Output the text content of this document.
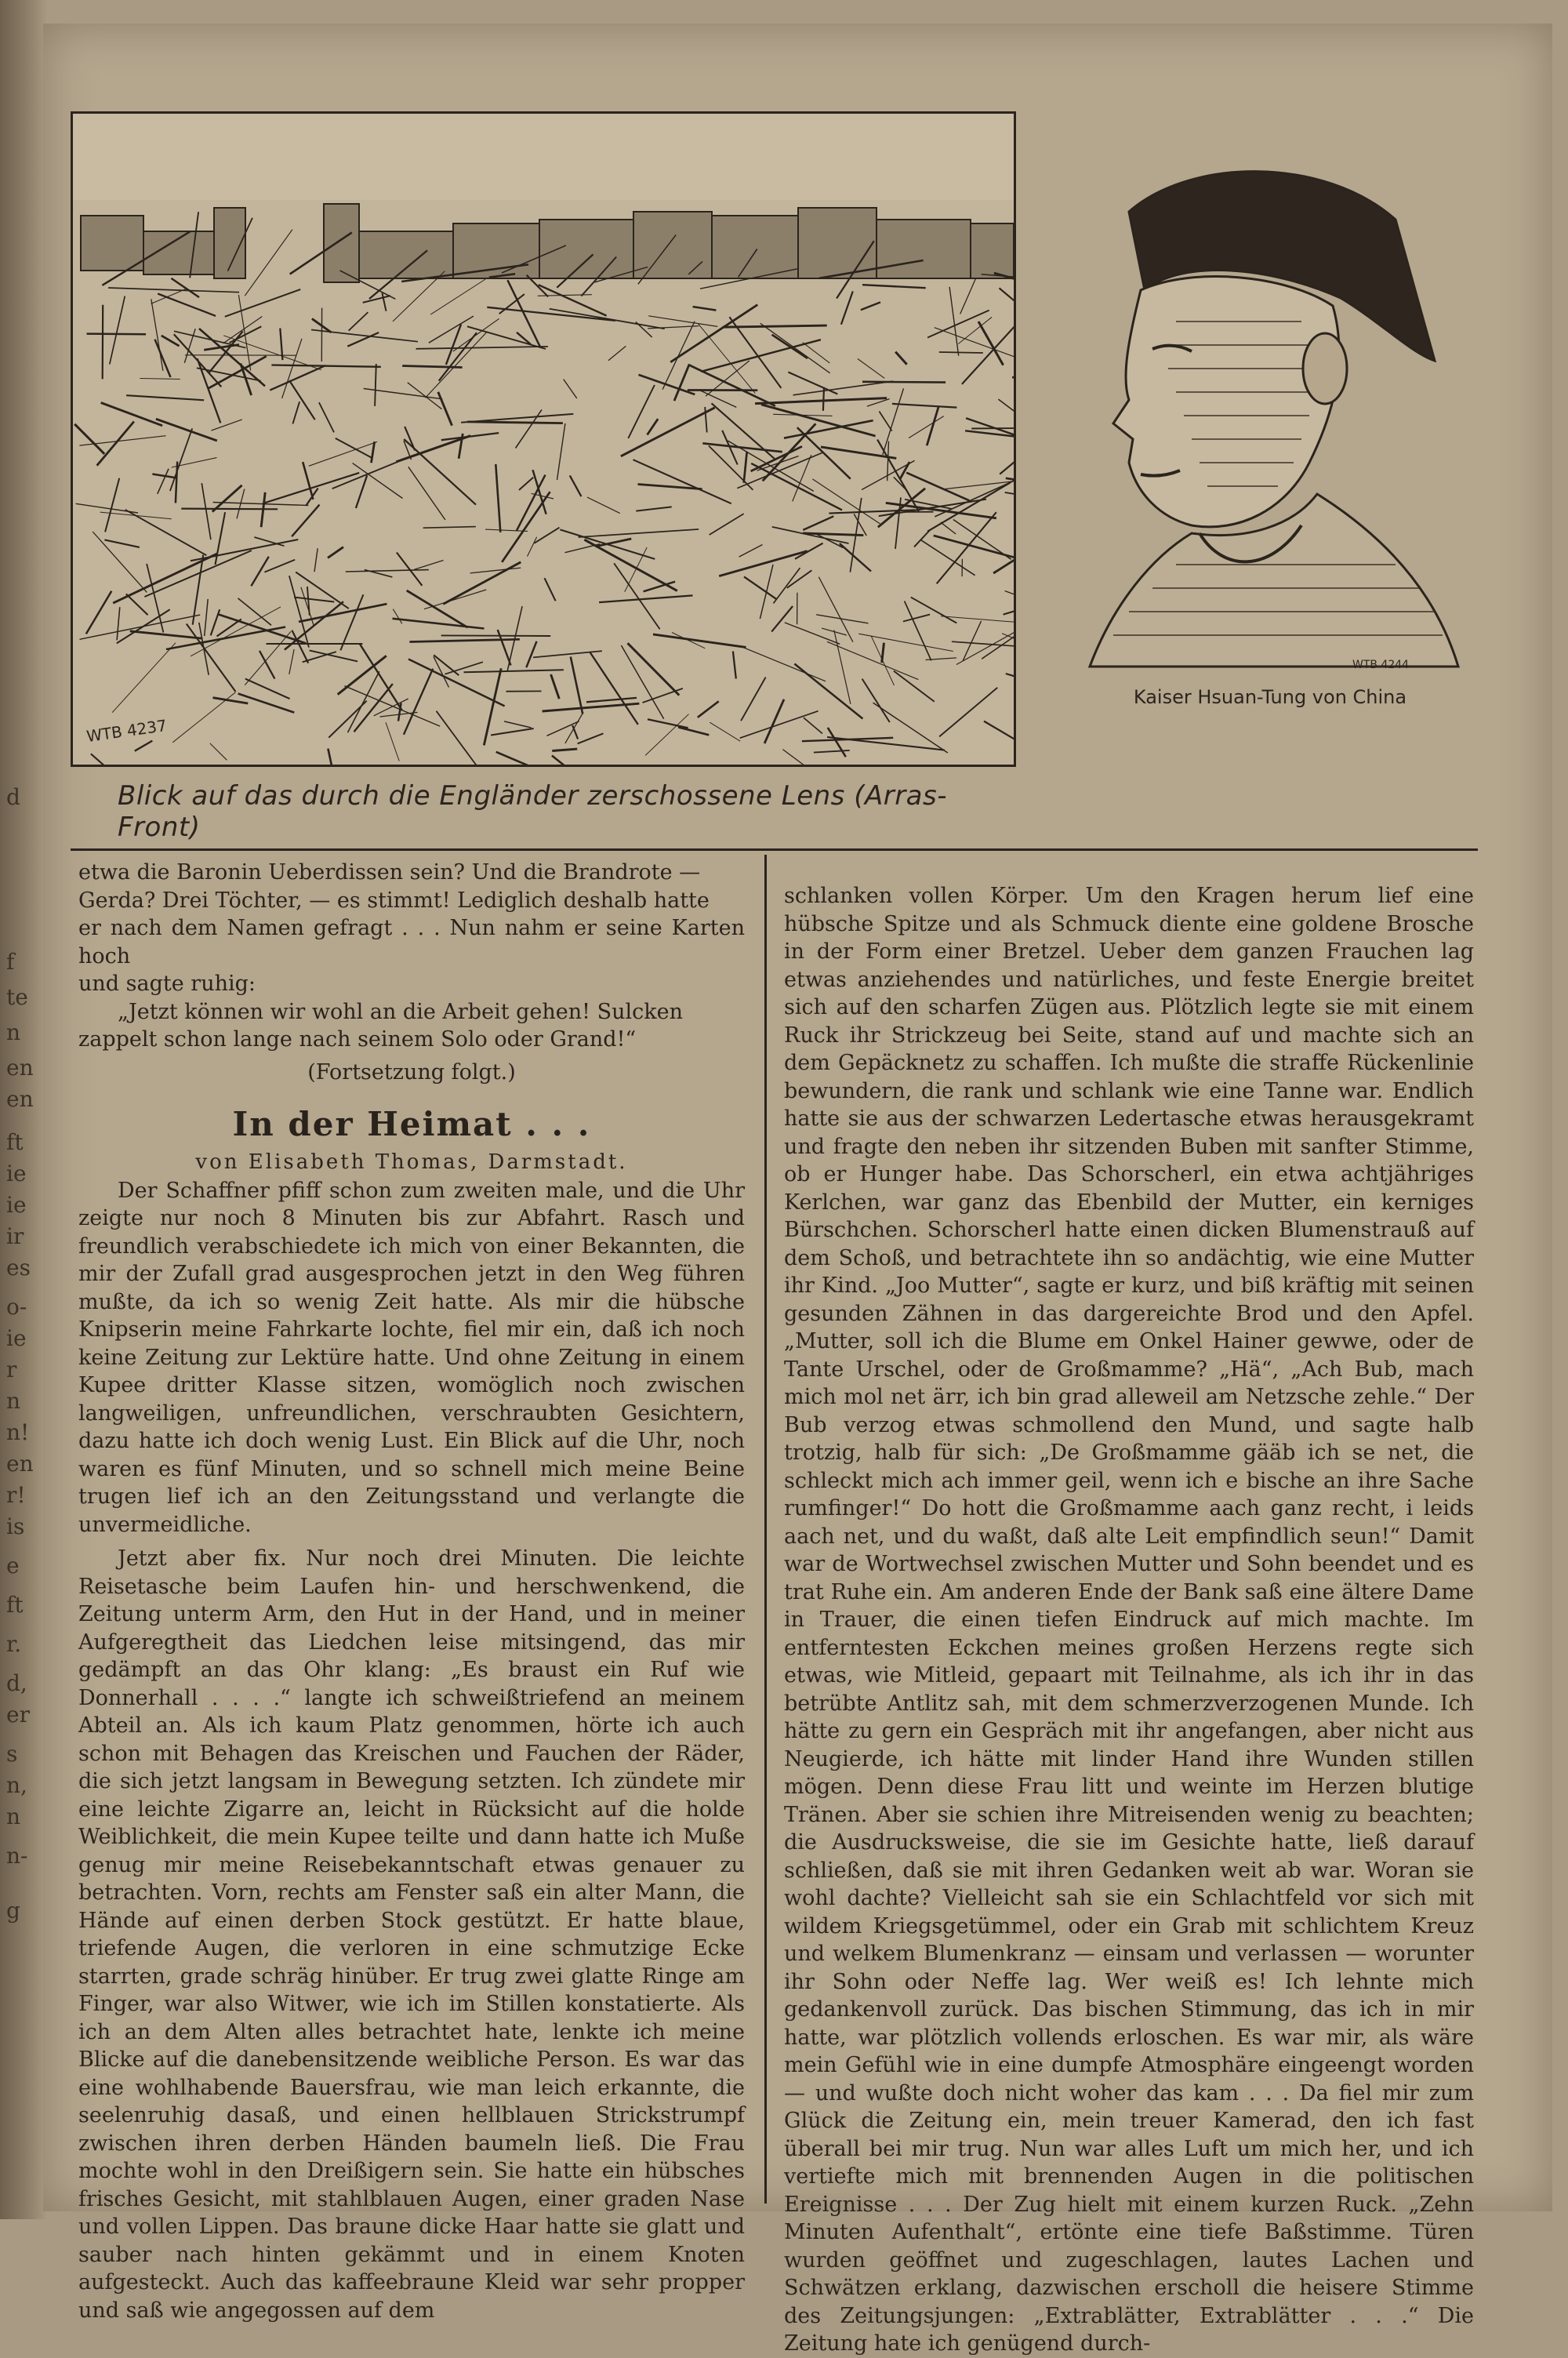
f
te
n
en
en
ft
ie
ie
ir
es
o-
d
ie
r
n
n!
en
r!
is
e
ft
r.
d,
er
s
n,
n
n-
g
WTB 4237
Blick auf das durch die Engländer zerschossene Lens (Arras-Front)
WTB 4244
Kaiser Hsuan-Tung von China

etwa die Baronin Ueberdissen sein? Und die Brandrote —

Gerda? Drei Töchter, — es stimmt! Lediglich deshalb hatte

er nach dem Namen gefragt . . . Nun nahm er seine Karten hoch

und sagte ruhig:

„Jetzt können wir wohl an die Arbeit gehen! Sulcken

zappelt schon lange nach seinem Solo oder Grand!“

(Fortsetzung folgt.)

In der Heimat . . .

von Elisabeth Thomas, Darmstadt.

Der Schaffner pfiff schon zum zweiten male, und die Uhr zeigte nur noch 8 Minuten bis zur Abfahrt. Rasch und freundlich verabschiedete ich mich von einer Bekannten, die mir der Zufall grad ausgesprochen jetzt in den Weg führen mußte, da ich so wenig Zeit hatte. Als mir die hübsche Knipserin meine Fahrkarte lochte, fiel mir ein, daß ich noch keine Zeitung zur Lektüre hatte. Und ohne Zeitung in einem Kupee dritter Klasse sitzen, womöglich noch zwischen langweiligen, unfreundlichen, verschraubten Gesichtern, dazu hatte ich doch wenig Lust. Ein Blick auf die Uhr, noch waren es fünf Minuten, und so schnell mich meine Beine trugen lief ich an den Zeitungsstand und verlangte die unvermeidliche.

Jetzt aber fix. Nur noch drei Minuten. Die leichte Reisetasche beim Laufen hin- und herschwenkend, die Zeitung unterm Arm, den Hut in der Hand, und in meiner Aufgeregtheit das Liedchen leise mitsingend, das mir gedämpft an das Ohr klang: „Es braust ein Ruf wie Donnerhall . . . .“ langte ich schweißtriefend an meinem Abteil an. Als ich kaum Platz genommen, hörte ich auch schon mit Behagen das Kreischen und Fauchen der Räder, die sich jetzt langsam in Bewegung setzten. Ich zündete mir eine leichte Zigarre an, leicht in Rücksicht auf die holde Weiblichkeit, die mein Kupee teilte und dann hatte ich Muße genug mir meine Reisebekanntschaft etwas genauer zu betrachten. Vorn, rechts am Fenster saß ein alter Mann, die Hände auf einen derben Stock gestützt. Er hatte blaue, triefende Augen, die verloren in eine schmutzige Ecke starrten, grade schräg hinüber. Er trug zwei glatte Ringe am Finger, war also Witwer, wie ich im Stillen konstatierte. Als ich an dem Alten alles betrachtet hate, lenkte ich meine Blicke auf die danebensitzende weibliche Person. Es war das eine wohlhabende Bauersfrau, wie man leich erkannte, die seelenruhig dasaß, und einen hellblauen Strickstrumpf zwischen ihren derben Händen baumeln ließ. Die Frau mochte wohl in den Dreißigern sein. Sie hatte ein hübsches frisches Gesicht, mit stahlblauen Augen, einer graden Nase und vollen Lippen. Das braune dicke Haar hatte sie glatt und sauber nach hinten gekämmt und in einem Knoten aufgesteckt. Auch das kaffeebraune Kleid war sehr propper und saß wie angegossen auf dem

schlanken vollen Körper. Um den Kragen herum lief eine hübsche Spitze und als Schmuck diente eine goldene Brosche in der Form einer Bretzel. Ueber dem ganzen Frauchen lag etwas anziehendes und natürliches, und feste Energie breitet sich auf den scharfen Zügen aus. Plötzlich legte sie mit einem Ruck ihr Strickzeug bei Seite, stand auf und machte sich an dem Gepäcknetz zu schaffen. Ich mußte die straffe Rückenlinie bewundern, die rank und schlank wie eine Tanne war. Endlich hatte sie aus der schwarzen Ledertasche etwas herausgekramt und fragte den neben ihr sitzenden Buben mit sanfter Stimme, ob er Hunger habe. Das Schorscherl, ein etwa achtjähriges Kerlchen, war ganz das Ebenbild der Mutter, ein kerniges Bürschchen. Schorscherl hatte einen dicken Blumenstrauß auf dem Schoß, und betrachtete ihn so andächtig, wie eine Mutter ihr Kind. „Joo Mutter“, sagte er kurz, und biß kräftig mit seinen gesunden Zähnen in das dargereichte Brod und den Apfel. „Mutter, soll ich die Blume em Onkel Hainer gewwe, oder de Tante Urschel, oder de Großmamme? „Hä“, „Ach Bub, mach mich mol net ärr, ich bin grad alleweil am Netzsche zehle.“ Der Bub verzog etwas schmollend den Mund, und sagte halb trotzig, halb für sich: „De Großmamme gääb ich se net, die schleckt mich ach immer geil, wenn ich e bische an ihre Sache rumfinger!“ Do hott die Großmamme aach ganz recht, i leids aach net, und du waßt, daß alte Leit empfindlich seun!“ Damit war de Wortwechsel zwischen Mutter und Sohn beendet und es trat Ruhe ein. Am anderen Ende der Bank saß eine ältere Dame in Trauer, die einen tiefen Eindruck auf mich machte. Im entferntesten Eckchen meines großen Herzens regte sich etwas, wie Mitleid, gepaart mit Teilnahme, als ich ihr in das betrübte Antlitz sah, mit dem schmerzverzogenen Munde. Ich hätte zu gern ein Gespräch mit ihr angefangen, aber nicht aus Neugierde, ich hätte mit linder Hand ihre Wunden stillen mögen. Denn diese Frau litt und weinte im Herzen blutige Tränen. Aber sie schien ihre Mitreisenden wenig zu beachten; die Ausdrucksweise, die sie im Gesichte hatte, ließ darauf schließen, daß sie mit ihren Gedanken weit ab war. Woran sie wohl dachte? Vielleicht sah sie ein Schlachtfeld vor sich mit wildem Kriegsgetümmel, oder ein Grab mit schlichtem Kreuz und welkem Blumenkranz — einsam und verlassen — worunter ihr Sohn oder Neffe lag. Wer weiß es! Ich lehnte mich gedankenvoll zurück. Das bischen Stimmung, das ich in mir hatte, war plötzlich vollends erloschen. Es war mir, als wäre mein Gefühl wie in eine dumpfe Atmosphäre eingeengt worden — und wußte doch nicht woher das kam . . . Da fiel mir zum Glück die Zeitung ein, mein treuer Kamerad, den ich fast überall bei mir trug. Nun war alles Luft um mich her, und ich vertiefte mich mit brennenden Augen in die politischen Ereignisse . . . Der Zug hielt mit einem kurzen Ruck. „Zehn Minuten Aufenthalt“, ertönte eine tiefe Baßstimme. Türen wurden geöffnet und zugeschlagen, lautes Lachen und Schwätzen erklang, dazwischen erscholl die heisere Stimme des Zeitungsjungen: „Extrablätter, Extrablätter . . .“ Die Zeitung hate ich genügend durch-
